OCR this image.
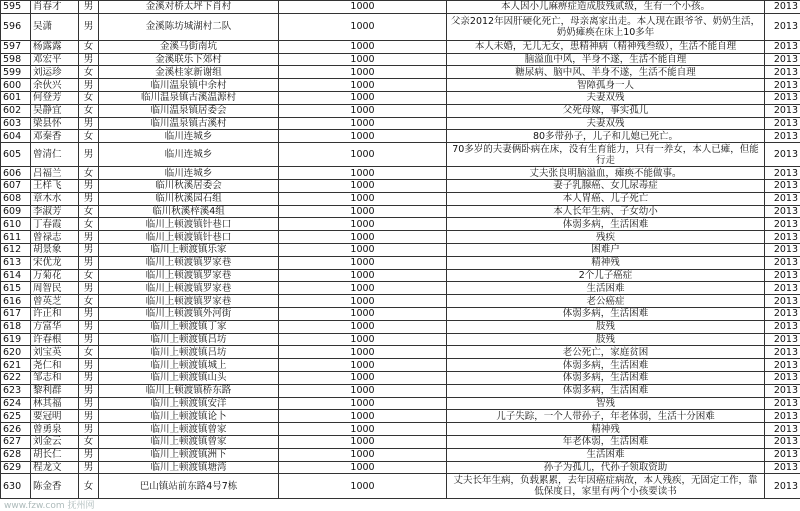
595	肖春才	男	金溪对桥太坪下肖村	1000	本人因小儿麻痹症造成肢残贰级，生有一个小孩。	2013
596	吴潇	男	金溪陈坊城湖村二队	1000	父亲2012年因肝硬化死亡，母亲离家出走。本人现在跟爷爷、奶奶生活，奶奶瘫痪在床上10多年	2013
597	杨露露	女	金溪马街南坑	1000	本人未婚，无儿无女，患精神病（精神残叁级），生活不能自理	2013
598	邓宏平	男	金溪联乐下郊村	1000	脑溢血中风，半身不遂，生活不能自理	2013
599	刘运珍	女	金溪桂家新谢组	1000	糖尿病、脑中风、半身不遂，生活不能自理	2013
600	余伙兴	男	临川温泉镇中余村	1000	智障孤身一人	2013
601	何登芳	女	临川温泉镇古溪温源村	1000	夫妻双残	2013
602	吴静宜	女	临川温泉镇居委会	1000	父死母嫁，事实孤儿	2013
603	梁县怀	男	临川温泉镇古溪村	1000	夫妻双残	2013
604	邓秦香	女	临川连城乡	1000	80多带孙子，儿子和儿媳已死亡。	2013
605	曾清仁	男	临川连城乡	1000	70多岁的夫妻俩卧病在床，没有生育能力，只有一养女，本人已瘫，但能行走	2013
606	吕福兰	女	临川连城乡	1000	丈夫张良明脑溢血，瘫痪不能做事。	2013
607	王样飞	男	临川秋溪居委会	1000	妻子乳腺癌、女儿尿毒症	2013
608	章木水	男	临川秋溪园石组	1000	本人胃癌、儿子死亡	2013
609	李淑芳	女	临川秋溪梓溪4组	1000	本人长年生病、子女幼小	2013
610	丁春霞	女	临川上顿渡镇针巷口	1000	体弱多病，生活困难	2013
611	曾禄志	男	临川上顿渡镇针巷口	1000	残疾	2013
612	胡景象	男	临川上顿渡镇乐家	1000	困难户	2013
613	宋优龙	男	临川上顿渡镇罗家巷	1000	精神残	2013
614	万菊花	女	临川上顿渡镇罗家巷	1000	2个儿子癌症	2013
615	周智民	男	临川上顿渡镇罗家巷	1000	生活困难	2013
616	曾英芝	女	临川上顿渡镇罗家巷	1000	老公癌症	2013
617	许正和	男	临川上顿渡镇外河街	1000	体弱多病，生活困难	2013
618	方富华	男	临川上顿渡镇丁家	1000	肢残	2013
619	许春根	男	临川上顿渡镇吕坊	1000	肢残	2013
620	刘宝英	女	临川上顿渡镇吕坊	1000	老公死亡，家庭贫困	2013
621	尧仁和	男	临川上顿渡镇城上	1000	体弱多病，生活困难	2013
622	邹志和	男	临川上顿渡镇山头	1000	体弱多病，生活困难	2013
623	黎利群	男	临川上顿渡镇桥东路	1000	体弱多病，生活困难	2013
624	林其福	男	临川上顿渡镇安洋	1000	智残	2013
625	要冠明	男	临川上顿渡镇论卜	1000	儿子失踪，一个人带孙子，年老体弱，生活十分困难	2013
626	曾勇泉	男	临川上顿渡镇曾家	1000	精神残	2013
627	刘金云	女	临川上顿渡镇曾家	1000	年老体弱，生活困难	2013
628	胡长仁	男	临川上顿渡镇洲下	1000	生活困难	2013
629	程龙文	男	临川上顿渡镇塘湾	1000	孙子为孤儿，代孙子领取资助	2013
630	陈金香	女	巴山镇站前东路4号7栋	1000	丈夫长年生病，负载累累，去年因癌症病故，本人残疾，无固定工作，靠低保度日，家里有两个小孩要读书	2013
www.fzw.com 抚州网
